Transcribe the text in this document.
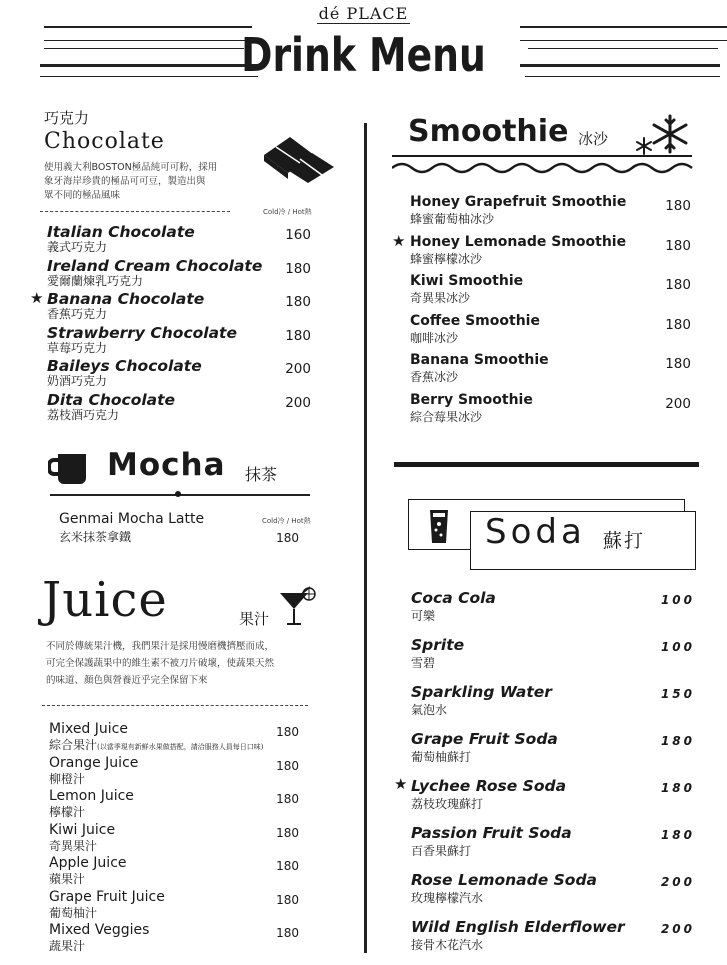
dé PLACE
Drink Menu
巧克力
Chocolate
使用義大利BOSTON極品純可可粉，採用
象牙海岸珍貴的極品可可豆，製造出與
眾不同的極品風味
Cold冷 / Hot熱
Italian Chocolate
義式巧克力
160
Ireland Cream Chocolate
愛爾蘭煉乳巧克力
180
★ Banana Chocolate
香蕉巧克力
180
Strawberry Chocolate
草莓巧克力
180
Baileys Chocolate
奶酒巧克力
200
Dita Chocolate
荔枝酒巧克力
200
Mocha 抹茶
Cold冷 / Hot熱
Genmai Mocha Latte
玄米抹茶拿鐵	180
Juice	果汁
不同於傳統果汁機，我們果汁是採用慢磨機擠壓而成，
可完全保護蔬果中的維生素不被刀片破壞，使蔬果天然
的味道、顏色與營養近乎完全保留下來
Mixed Juice
綜合果汁(以當季現有新鮮水果做搭配，請洽服務人員每日口味)
180
Orange Juice
柳橙汁
180
Lemon Juice
檸檬汁
180
Kiwi Juice
奇異果汁
180
Apple Juice
蘋果汁
180
Grape Fruit Juice
葡萄柚汁
180
Mixed Veggies
蔬果汁
180
Smoothie 冰沙
Honey Grapefruit Smoothie
蜂蜜葡萄柚冰沙
180
★ Honey Lemonade Smoothie
蜂蜜檸檬冰沙
180
Kiwi Smoothie
奇異果冰沙
180
Coffee Smoothie
咖啡冰沙
180
Banana Smoothie
香蕉冰沙
180
Berry Smoothie
綜合莓果冰沙
200
Soda 蘇打
Coca Cola
可樂
100
Sprite
雪碧
100
Sparkling Water
氣泡水
150
Grape Fruit Soda
葡萄柚蘇打
180
★ Lychee Rose Soda
荔枝玫瑰蘇打
180
Passion Fruit Soda
百香果蘇打
180
Rose Lemonade Soda
玫瑰檸檬汽水
200
Wild English Elderflower
接骨木花汽水
200
